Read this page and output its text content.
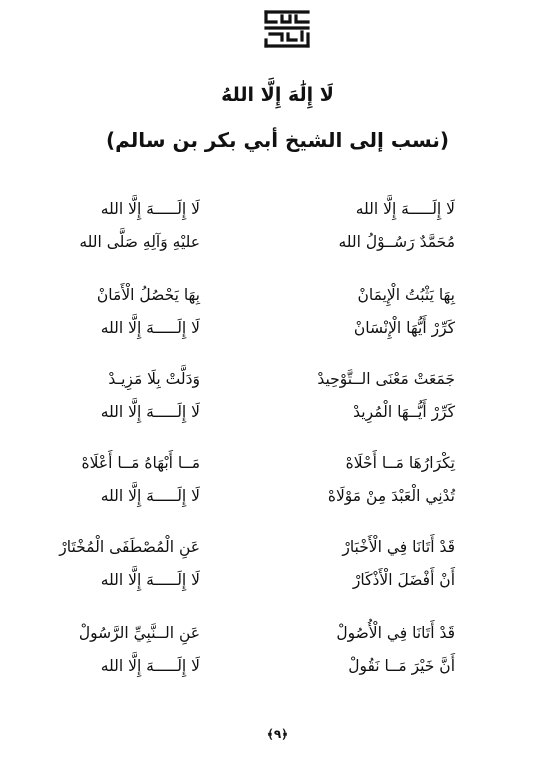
لَا إِلَٰهَ إِلَّا اللهُ
(نسب إلى الشيخ أبي بكر بن سالم)
لَا إِلَـــــهَ إِلَّا الله
لَا إِلَـــــهَ إِلَّا الله
مُحَمَّدٌ رَسُــوْلُ الله
عليْهِ وَآلِهِ صَلَّى الله
بِهَا يَثْبُتُ الْإِيمَانْ
بِهَا يَحْصُلُ الْأَمَانْ
كَرِّرْ أَيُّهَا الْإِنْسَانْ
لَا إِلَـــــهَ إِلَّا الله
جَمَعَتْ مَعْنَى الــتَّوْحِيدْ
وَدَلَّتْ بِلَا مَزِيـدْ
كَرِّرْ أَيُّــهَا الْمُرِيدْ
لَا إِلَـــــهَ إِلَّا الله
تِكْرَارُهَا مَــا أَحْلَاهْ
مَــا أَبْهَاهُ مَــا أَعْلَاهْ
تُدْنِي الْعَبْدَ مِنْ مَوْلَاهْ
لَا إِلَـــــهَ إِلَّا الله
قَدْ أَتَانَا فِي الْأَخْبَارْ
عَنِ الْمُصْطَفَى الْمُخْتَارْ
أَنْ أَفْضَلَ الْأَذْكَارْ
لَا إِلَـــــهَ إِلَّا الله
قَدْ أَتَانَا فِي الْأُصُولْ
عَنِ الــنَّبِيِّ الرَّسُولْ
أَنَّ خَيْرَ مَــا نَقُولْ
لَا إِلَـــــهَ إِلَّا الله
﴿٩﴾
